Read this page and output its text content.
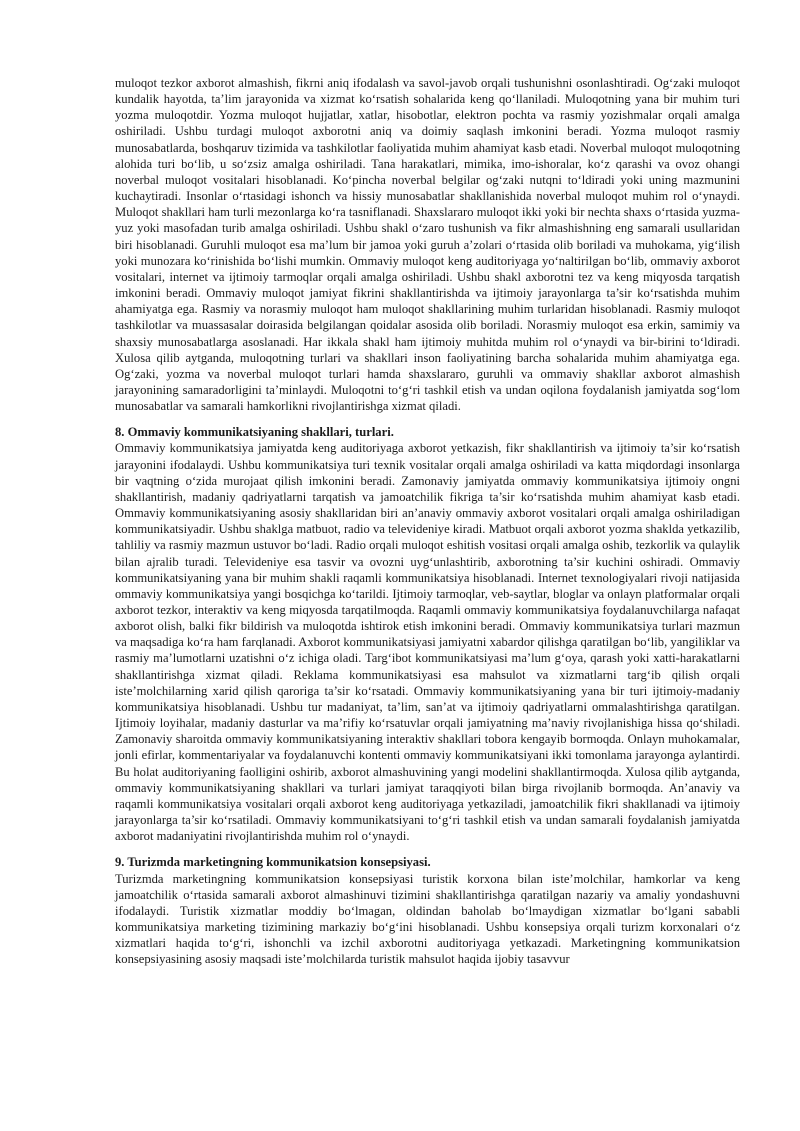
muloqot tezkor axborot almashish, fikrni aniq ifodalash va savol-javob orqali tushunishni osonlashtiradi. Og‘zaki muloqot kundalik hayotda, ta’lim jarayonida va xizmat ko‘rsatish sohalarida keng qo‘llaniladi. Muloqotning yana bir muhim turi yozma muloqotdir. Yozma muloqot hujjatlar, xatlar, hisobotlar, elektron pochta va rasmiy yozishmalar orqali amalga oshiriladi. Ushbu turdagi muloqot axborotni aniq va doimiy saqlash imkonini beradi. Yozma muloqot rasmiy munosabatlarda, boshqaruv tizimida va tashkilotlar faoliyatida muhim ahamiyat kasb etadi. Noverbal muloqot muloqotning alohida turi bo‘lib, u so‘zsiz amalga oshiriladi. Tana harakatlari, mimika, imo-ishoralar, ko‘z qarashi va ovoz ohangi noverbal muloqot vositalari hisoblanadi. Ko‘pincha noverbal belgilar og‘zaki nutqni to‘ldiradi yoki uning mazmunini kuchaytiradi. Insonlar o‘rtasidagi ishonch va hissiy munosabatlar shakllanishida noverbal muloqot muhim rol o‘ynaydi. Muloqot shakllari ham turli mezonlarga ko‘ra tasniflanadi. Shaxslararo muloqot ikki yoki bir nechta shaxs o‘rtasida yuzma-yuz yoki masofadan turib amalga oshiriladi. Ushbu shakl o‘zaro tushunish va fikr almashishning eng samarali usullaridan biri hisoblanadi. Guruhli muloqot esa ma’lum bir jamoa yoki guruh a’zolari o‘rtasida olib boriladi va muhokama, yig‘ilish yoki munozara ko‘rinishida bo‘lishi mumkin. Ommaviy muloqot keng auditoriyaga yo‘naltirilgan bo‘lib, ommaviy axborot vositalari, internet va ijtimoiy tarmoqlar orqali amalga oshiriladi. Ushbu shakl axborotni tez va keng miqyosda tarqatish imkonini beradi. Ommaviy muloqot jamiyat fikrini shakllantirishda va ijtimoiy jarayonlarga ta’sir ko‘rsatishda muhim ahamiyatga ega. Rasmiy va norasmiy muloqot ham muloqot shakllarining muhim turlaridan hisoblanadi. Rasmiy muloqot tashkilotlar va muassasalar doirasida belgilangan qoidalar asosida olib boriladi. Norasmiy muloqot esa erkin, samimiy va shaxsiy munosabatlarga asoslanadi. Har ikkala shakl ham ijtimoiy muhitda muhim rol o‘ynaydi va bir-birini to‘ldiradi. Xulosa qilib aytganda, muloqotning turlari va shakllari inson faoliyatining barcha sohalarida muhim ahamiyatga ega. Og‘zaki, yozma va noverbal muloqot turlari hamda shaxslararo, guruhli va ommaviy shakllar axborot almashish jarayonining samaradorligini ta’minlaydi. Muloqotni to‘g‘ri tashkil etish va undan oqilona foydalanish jamiyatda sog‘lom munosabatlar va samarali hamkorlikni rivojlantirishga xizmat qiladi.

8. Ommaviy kommunikatsiyaning shakllari, turlari.

Ommaviy kommunikatsiya jamiyatda keng auditoriyaga axborot yetkazish, fikr shakllantirish va ijtimoiy ta’sir ko‘rsatish jarayonini ifodalaydi. Ushbu kommunikatsiya turi texnik vositalar orqali amalga oshiriladi va katta miqdordagi insonlarga bir vaqtning o‘zida murojaat qilish imkonini beradi. Zamonaviy jamiyatda ommaviy kommunikatsiya ijtimoiy ongni shakllantirish, madaniy qadriyatlarni tarqatish va jamoatchilik fikriga ta’sir ko‘rsatishda muhim ahamiyat kasb etadi. Ommaviy kommunikatsiyaning asosiy shakllaridan biri an’anaviy ommaviy axborot vositalari orqali amalga oshiriladigan kommunikatsiyadir. Ushbu shaklga matbuot, radio va televideniye kiradi. Matbuot orqali axborot yozma shaklda yetkazilib, tahliliy va rasmiy mazmun ustuvor bo‘ladi. Radio orqali muloqot eshitish vositasi orqali amalga oshib, tezkorlik va qulaylik bilan ajralib turadi. Televideniye esa tasvir va ovozni uyg‘unlashtirib, axborotning ta’sir kuchini oshiradi. Ommaviy kommunikatsiyaning yana bir muhim shakli raqamli kommunikatsiya hisoblanadi. Internet texnologiyalari rivoji natijasida ommaviy kommunikatsiya yangi bosqichga ko‘tarildi. Ijtimoiy tarmoqlar, veb-saytlar, bloglar va onlayn platformalar orqali axborot tezkor, interaktiv va keng miqyosda tarqatilmoqda. Raqamli ommaviy kommunikatsiya foydalanuvchilarga nafaqat axborot olish, balki fikr bildirish va muloqotda ishtirok etish imkonini beradi. Ommaviy kommunikatsiya turlari mazmun va maqsadiga ko‘ra ham farqlanadi. Axborot kommunikatsiyasi jamiyatni xabardor qilishga qaratilgan bo‘lib, yangiliklar va rasmiy ma’lumotlarni uzatishni o‘z ichiga oladi. Targ‘ibot kommunikatsiyasi ma’lum g‘oya, qarash yoki xatti-harakatlarni shakllantirishga xizmat qiladi. Reklama kommunikatsiyasi esa mahsulot va xizmatlarni targ‘ib qilish orqali iste’molchilarning xarid qilish qaroriga ta’sir ko‘rsatadi. Ommaviy kommunikatsiyaning yana bir turi ijtimoiy-madaniy kommunikatsiya hisoblanadi. Ushbu tur madaniyat, ta’lim, san’at va ijtimoiy qadriyatlarni ommalashtirishga qaratilgan. Ijtimoiy loyihalar, madaniy dasturlar va ma’rifiy ko‘rsatuvlar orqali jamiyatning ma’naviy rivojlanishiga hissa qo‘shiladi. Zamonaviy sharoitda ommaviy kommunikatsiyaning interaktiv shakllari tobora kengayib bormoqda. Onlayn muhokamalar, jonli efirlar, kommentariyalar va foydalanuvchi kontenti ommaviy kommunikatsiyani ikki tomonlama jarayonga aylantirdi. Bu holat auditoriyaning faolligini oshirib, axborot almashuvining yangi modelini shakllantirmoqda. Xulosa qilib aytganda, ommaviy kommunikatsiyaning shakllari va turlari jamiyat taraqqiyoti bilan birga rivojlanib bormoqda. An’anaviy va raqamli kommunikatsiya vositalari orqali axborot keng auditoriyaga yetkaziladi, jamoatchilik fikri shakllanadi va ijtimoiy jarayonlarga ta’sir ko‘rsatiladi. Ommaviy kommunikatsiyani to‘g‘ri tashkil etish va undan samarali foydalanish jamiyatda axborot madaniyatini rivojlantirishda muhim rol o‘ynaydi.

9. Turizmda marketingning kommunikatsion konsepsiyasi.

Turizmda marketingning kommunikatsion konsepsiyasi turistik korxona bilan iste’molchilar, hamkorlar va keng jamoatchilik o‘rtasida samarali axborot almashinuvi tizimini shakllantirishga qaratilgan nazariy va amaliy yondashuvni ifodalaydi. Turistik xizmatlar moddiy bo‘lmagan, oldindan baholab bo‘lmaydigan xizmatlar bo‘lgani sababli kommunikatsiya marketing tizimining markaziy bo‘g‘ini hisoblanadi. Ushbu konsepsiya orqali turizm korxonalari o‘z xizmatlari haqida to‘g‘ri, ishonchli va izchil axborotni auditoriyaga yetkazadi. Marketingning kommunikatsion konsepsiyasining asosiy maqsadi iste’molchilarda turistik mahsulot haqida ijobiy tasavvur
